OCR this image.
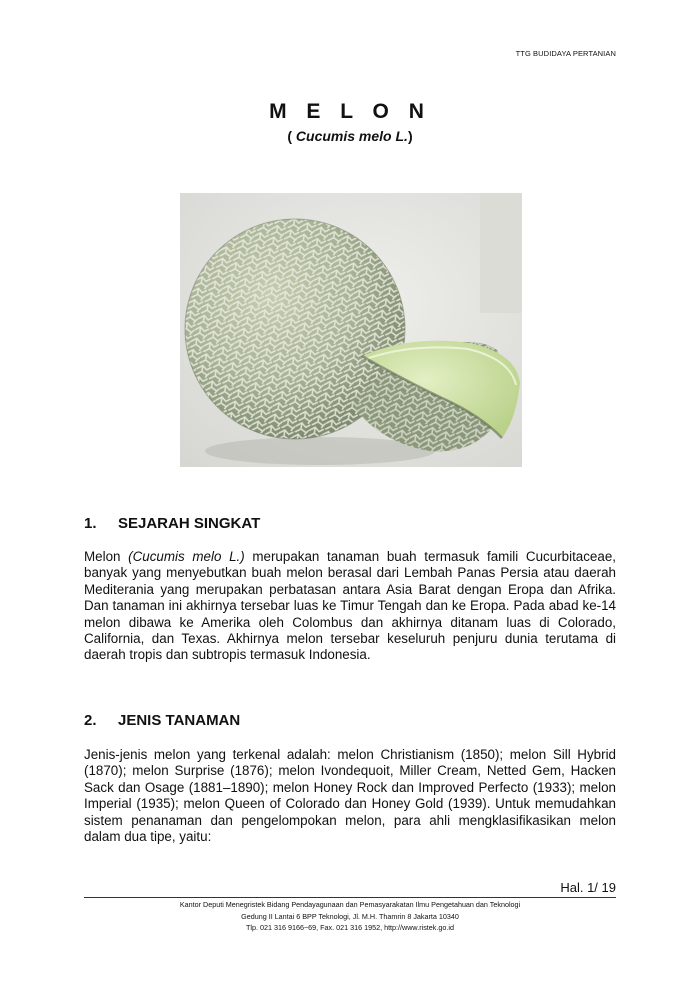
TTG BUDIDAYA PERTANIAN
M E L O N
( Cucumis melo L.)
1. SEJARAH SINGKAT
Melon (Cucumis melo L.) merupakan tanaman buah termasuk famili Cucurbitaceae, banyak yang menyebutkan buah melon berasal dari Lembah Panas Persia atau daerah Mediterania yang merupakan perbatasan antara Asia Barat dengan Eropa dan Afrika. Dan tanaman ini akhirnya tersebar luas ke Timur Tengah dan ke Eropa. Pada abad ke-14 melon dibawa ke Amerika oleh Colombus dan akhirnya ditanam luas di Colorado, California, dan Texas. Akhirnya melon tersebar keseluruh penjuru dunia terutama di daerah tropis dan subtropis termasuk Indonesia.
2. JENIS TANAMAN
Jenis-jenis melon yang terkenal adalah: melon Christianism (1850); melon Sill Hybrid (1870); melon Surprise (1876); melon Ivondequoit, Miller Cream, Netted Gem, Hacken Sack dan Osage (1881–1890); melon Honey Rock dan Improved Perfecto (1933); melon Imperial (1935); melon Queen of Colorado dan Honey Gold (1939). Untuk memudahkan sistem penanaman dan pengelompokan melon, para ahli mengklasifikasikan melon dalam dua tipe, yaitu:
Hal. 1/ 19
Kantor Deputi Menegristek Bidang Pendayagunaan dan Pemasyarakatan Ilmu Pengetahuan dan Teknologi
Gedung II Lantai 6 BPP Teknologi, Jl. M.H. Thamrin 8 Jakarta 10340
Tlp. 021 316 9166~69, Fax. 021 316 1952, http://www.ristek.go.id
